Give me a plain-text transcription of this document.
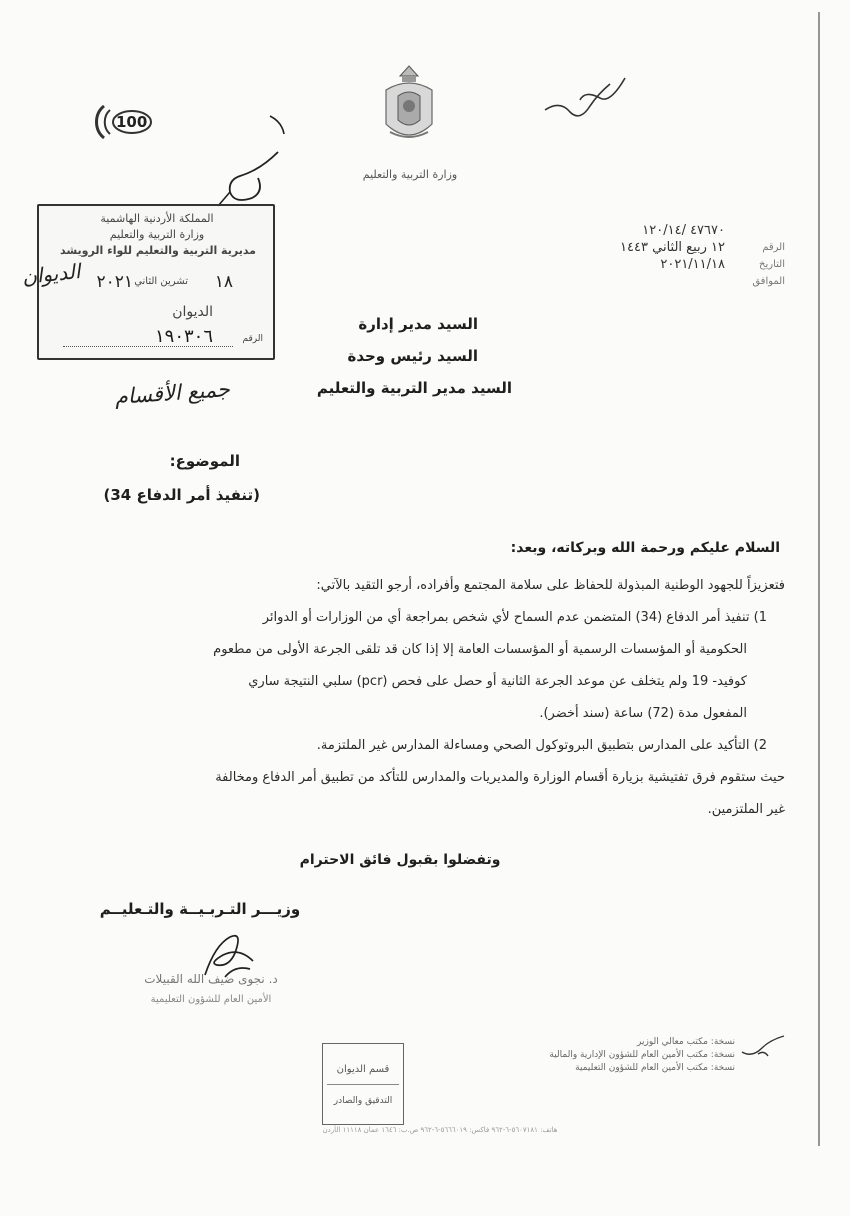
100
وزارة التربية والتعليم
٤٧٦٧٠ /١٢٠/١٤
١٢ ربيع الثاني ١٤٤٣
٢٠٢١/١١/١٨
الرقم
التاريخ
الموافق
المملكة الأردنية الهاشمية
وزارة التربية والتعليم
مديرية التربية والتعليم للواء الرويشد
١٨
تشرين الثاني
٢٠٢١
الديوان
الرقم
١٩٠٣٠٦
الديوان
جميع الأقسام
السيد مدير إدارة
السيد رئيس وحدة
السيد مدير التربية والتعليم
الموضوع:
(تنفيذ أمر الدفاع 34)
السلام عليكم ورحمة الله وبركاته، وبعد:
فتعزيزاً للجهود الوطنية المبذولة للحفاظ على سلامة المجتمع وأفراده، أرجو التقيد بالآتي:
1) تنفيذ أمر الدفاع (34) المتضمن عدم السماح لأي شخص بمراجعة أي من الوزارات أو الدوائر
الحكومية أو المؤسسات الرسمية أو المؤسسات العامة إلا إذا كان قد تلقى الجرعة الأولى من مطعوم
كوفيد- 19 ولم يتخلف عن موعد الجرعة الثانية أو حصل على فحص (pcr) سلبي النتيجة ساري
المفعول مدة (72) ساعة (سند أخضر).
2) التأكيد على المدارس بتطبيق البروتوكول الصحي ومساءلة المدارس غير الملتزمة.
حيث ستقوم فرق تفتيشية بزيارة أقسام الوزارة والمديريات والمدارس للتأكد من تطبيق أمر الدفاع ومخالفة
غير الملتزمين.
وتفضلوا بقبول فائق الاحترام
وزيـــر التـربـيــة والتـعليــم
د. نجوى ضيف الله القبيلات
الأمين العام للشؤون التعليمية
نسخة: مكتب معالي الوزير
نسخة: مكتب الأمين العام للشؤون الإدارية والمالية
نسخة: مكتب الأمين العام للشؤون التعليمية
قسم الديوان
التدقيق والصادر
هاتف: ٥٦٠٧١٨١-٦-٩٦٢ فاكس: ٥٦٦٦٠١٩-٦-٩٦٢ ص.ب: ١٦٤٦ عمان ١١١١٨ الأردن
